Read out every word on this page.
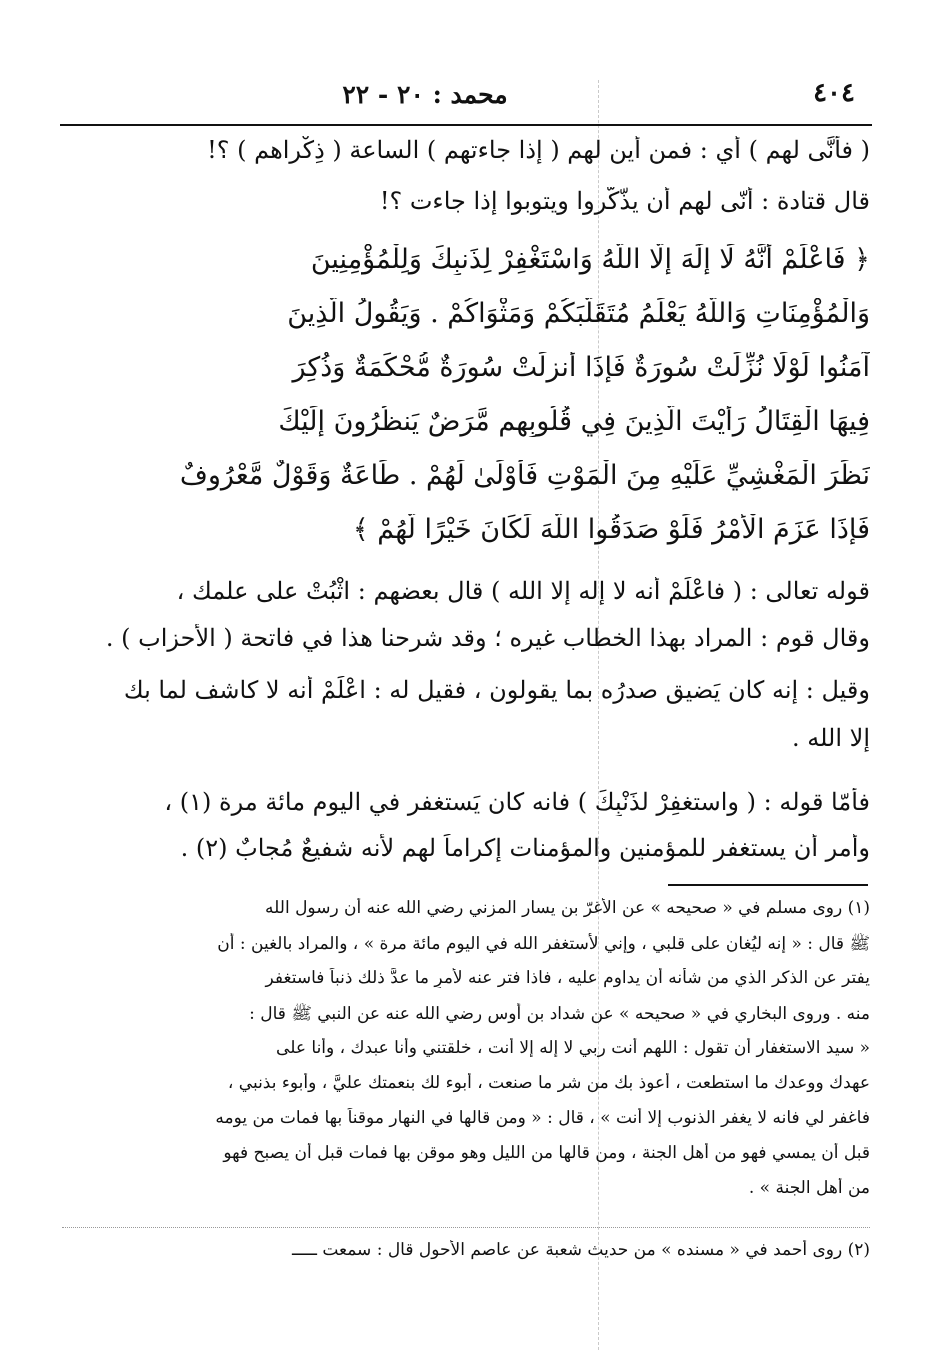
٤٠٤
محمد : ٢٠ - ٢٢
( فأنَّى لهم ) أي : فمن أين لهم ( إذا جاءتهم ) الساعة ( ذِكْراهم ) ؟!
قال قتادة : أنّى لهم أن يذّكّروا ويتوبوا إذا جاءت ؟!
﴿ فَاعْلَمْ أَنَّهُ لَا إِلَٰهَ إِلَّا اللَّهُ وَاسْتَغْفِرْ لِذَنبِكَ وَلِلْمُؤْمِنِينَ
وَالْمُؤْمِنَاتِ وَاللَّهُ يَعْلَمُ مُتَقَلَّبَكُمْ وَمَثْوَاكُمْ . وَيَقُولُ الَّذِينَ
آمَنُوا لَوْلَا نُزِّلَتْ سُورَةٌ فَإِذَا أُنزِلَتْ سُورَةٌ مُّحْكَمَةٌ وَذُكِرَ
فِيهَا الْقِتَالُ رَأَيْتَ الَّذِينَ فِي قُلُوبِهِم مَّرَضٌ يَنظُرُونَ إِلَيْكَ
نَظَرَ الْمَغْشِيِّ عَلَيْهِ مِنَ الْمَوْتِ فَأَوْلَىٰ لَهُمْ . طَاعَةٌ وَقَوْلٌ مَّعْرُوفٌ
فَإِذَا عَزَمَ الْأَمْرُ فَلَوْ صَدَقُوا اللَّهَ لَكَانَ خَيْرًا لَّهُمْ ﴾
قوله تعالى : ( فاعْلَمْ أنه لا إله إلا الله ) قال بعضهم : اثْبُتْ على علمك ،
وقال قوم : المراد بهذا الخطاب غيره ؛ وقد شرحنا هذا في فاتحة ( الأحزاب ) .
وقيل : إنه كان يَضيق صدرُه بما يقولون ، فقيل له : اعْلَمْ أنه لا كاشف لما بك
إلا الله .
فأمّا قوله : ( واستغفِرْ لذَنْبِكَ ) فانه كان يَستغفر في اليوم مائة مرة (١) ،
وأُمر أن يستغفر للمؤمنين والمؤمنات إكراماً لهم لأنه شفيعٌ مُجابٌ (٢) .
(١) روى مسلم في « صحيحه » عن الأغرّ بن يسار المزني رضي الله عنه أن رسول الله
ﷺ قال : « إنه ليُغان على قلبي ، وإني لأستغفر الله في اليوم مائة مرة » ، والمراد بالغين : أن
يفتر عن الذكر الذي من شأنه أن يداوم عليه ، فاذا فتر عنه لأمرٍ ما عدَّ ذلك ذنباً فاستغفر
منه . وروى البخاري في « صحيحه » عن شداد بن أوس رضي الله عنه عن النبي ﷺ قال :
« سيد الاستغفار أن تقول : اللهم أنت ربي لا إله إلا أنت ، خلقتني وأنا عبدك ، وأنا على
عهدك ووعدك ما استطعت ، أعوذ بك من شر ما صنعت ، أبوء لك بنعمتك عليَّ ، وأبوء بذنبي ،
فاغفر لي فانه لا يغفر الذنوب إلا أنت » ، قال : « ومن قالها في النهار موقناً بها فمات من يومه
قبل أن يمسي فهو من أهل الجنة ، ومن قالها من الليل وهو موقن بها فمات قبل أن يصبح فهو
من أهل الجنة » .
(٢) روى أحمد في « مسنده » من حديث شعبة عن عاصم الأحول قال : سمعت ـــــ
